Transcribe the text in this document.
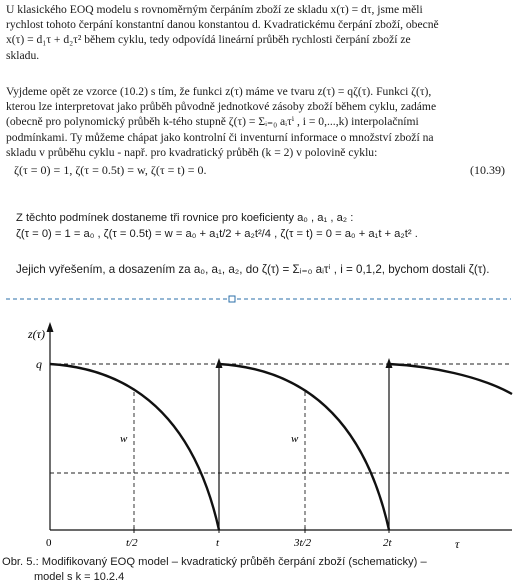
U klasického EOQ modelu s rovnoměrným čerpáním zboží ze skladu x(τ) = dτ, jsme měli
rychlost tohoto čerpání konstantní danou konstantou d. Kvadratickému čerpání zboží, obecně
x(τ) = d₁τ + d₂τ² během cyklu, tedy odpovídá lineární průběh rychlosti čerpání zboží ze
skladu.
Vyjdeme opět ze vzorce (10.2) s tím, že funkci z(τ) máme ve tvaru z(τ) = qζ(τ). Funkci ζ(τ),
kterou lze interpretovat jako průběh původně jednotkové zásoby zboží během cyklu, zadáme
(obecně pro polynomický průběh k-tého stupně ζ(τ) = Σᵢ₌₀ aᵢτⁱ , i = 0,...,k) interpolačními
podmínkami. Ty můžeme chápat jako kontrolní či inventurní informace o množství zboží na
skladu v průběhu cyklu - např. pro kvadratický průběh (k = 2) v polovině cyklu:
ζ(τ = 0) = 1, ζ(τ = 0.5t) = w, ζ(τ = t) = 0.	(10.39)
Z těchto podmínek dostaneme tři rovnice pro koeficienty a₀ , a₁ , a₂ :
ζ(τ = 0) = 1 = a₀ , ζ(τ = 0.5t) = w = a₀ + a₁t/2 + a₂t²/4 , ζ(τ = t) = 0 = a₀ + a₁t + a₂t² .
Jejich vyřešením, a dosazením za a₀, a₁, a₂, do ζ(τ) = Σᵢ₌₀ aᵢτⁱ , i = 0,1,2, bychom dostali ζ(τ).
z(τ)
τ
q
w	w
0	t/2	t	3t/2	2t
Obr. 5.: Modifikovaný EOQ model – kvadratický průběh čerpání zboží (schematicky) –
model s k = 10.2.4
